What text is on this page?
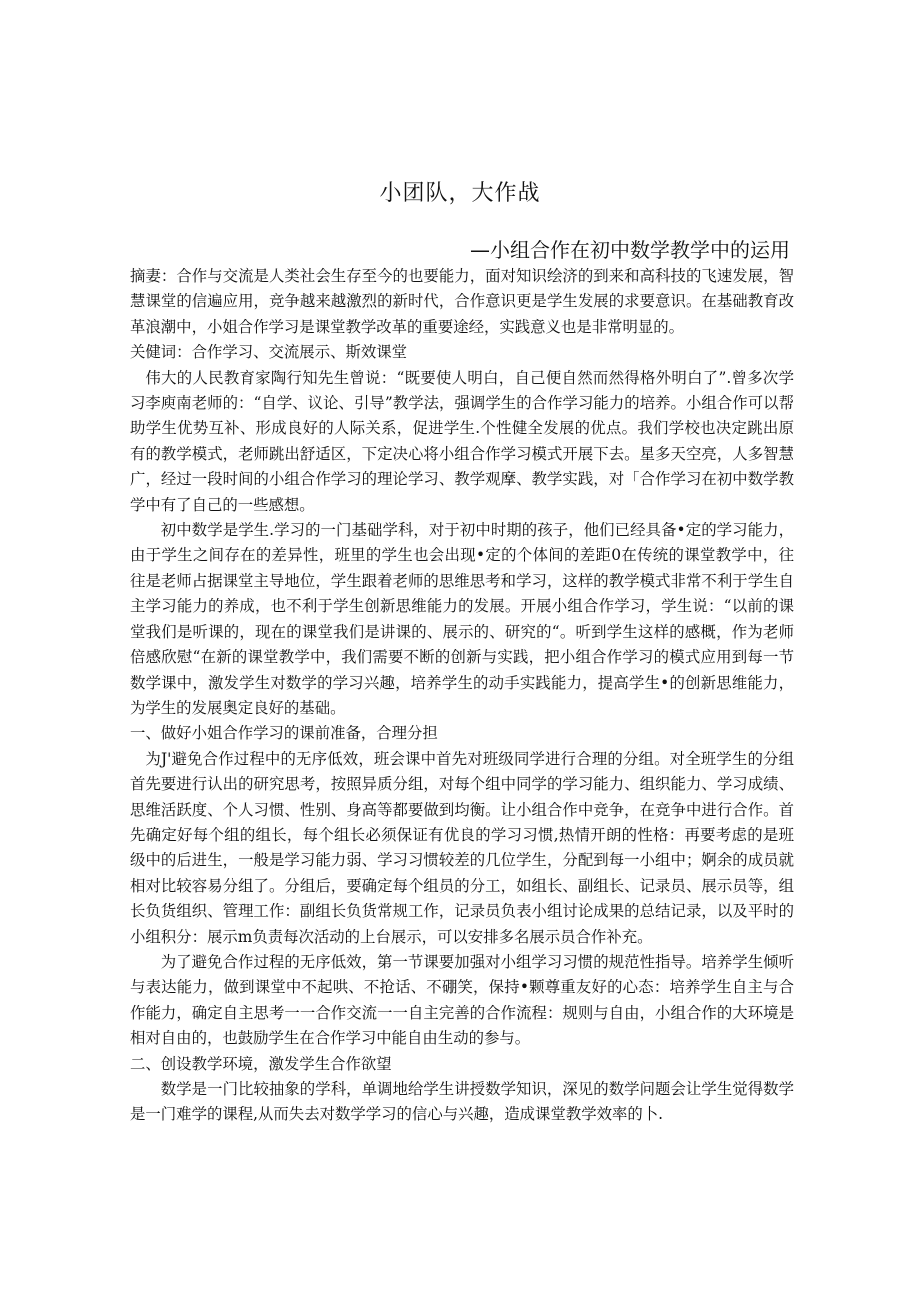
小团队，大作战
—小组合作在初中数学教学中的运用

摘妻：合作与交流是人类社会生存至今的也要能力，面对知识绘济的到来和高科技的飞速发展，智慧课堂的信遍应用，竞争越来越激烈的新时代，合作意识更是学生发展的求要意识。在基础教育改革浪潮中，小姐合作学习是课堂教学改革的重要途经，实践意义也是非常明显的。

关健词：合作学习、交流展示、斯效课堂

伟大的人民教育家陶行知先生曾说：“既要使人明白，自己便自然而然得格外明白了”.曾多次学习李庾南老师的：“自学、议论、引导”教学法，强调学生的合作学习能力的培养。小组合作可以帮助学生优势互补、形成良好的人际关系，促进学生.个性健全发展的优点。我们学校也决定跳出原有的教学模式，老师跳出舒适区，下定决心将小组合作学习模式开展下去。星多天空亮，人多智慧广，经过一段时间的小组合作学习的理论学习、教学观摩、教学实践，对「合作学习在初中数学教学中有了自己的一些感想。

初中数学是学生.学习的一门基础学科，对于初中时期的孩子，他们已经具备•定的学习能力，由于学生之间存在的差异性，班里的学生也会出现•定的个体间的差距0在传统的课堂教学中，往往是老师占据课堂主导地位，学生跟着老师的思维思考和学习，这样的教学模式非常不利于学生自主学习能力的养成，也不利于学生创新思维能力的发展。开展小组合作学习，学生说：“以前的课堂我们是听课的，现在的课堂我们是讲课的、展示的、研究的“。听到学生这样的感概，作为老师倍感欣慰“在新的课堂教学中，我们需要不断的创新与实践，把小组合作学习的模式应用到每一节数学课中，激发学生对数学的学习兴趣，培养学生的动手实践能力，提高学生•的创新思维能力，为学生的发展奥定良好的基础。

一、做好小姐合作学习的课前准备，合理分担

为J'避免合作过程中的无序低效，班会课中首先对班级同学进行合理的分组。对全班学生的分组首先要进行认出的研究思考，按照异质分组，对每个组中同学的学习能力、组织能力、学习成绩、思维活跃度、个人习惯、性别、身高等都要做到均衡。让小组合作中竞争，在竞争中进行合作。首先确定好每个组的组长，每个组长必须保证有优良的学习习惯,热情开朗的性格：再要考虑的是班级中的后进生，一般是学习能力弱、学习习惯较差的几位学生，分配到每一小组中；婀余的成员就相对比较容易分组了。分组后，要确定每个组员的分工，如组长、副组长、记录员、展示员等，组长负货组织、管理工作：副组长负货常规工作，记录员负表小组讨论成果的总结记录，以及平时的小组积分：展示m负责每次活动的上台展示，可以安排多名展示员合作补充。

为了避免合作过程的无序低效，第一节课要加强对小组学习习惯的规范性指导。培养学生倾听与表达能力，做到课堂中不起哄、不抢话、不硼笑，保持•颗尊重友好的心态：培养学生自主与合作能力，确定自主思考一一合作交流一一自主完善的合作流程：规则与自由，小组合作的大环境是相对自由的，也鼓励学生在合作学习中能自由生动的参与。

二、创设教学环境，激发学生合作欲望

数学是一门比较抽象的学科，单调地给学生讲授数学知识，深见的数学问题会让学生觉得数学是一门难学的课程,从而失去对数学学习的信心与兴趣，造成课堂教学效率的卜.
